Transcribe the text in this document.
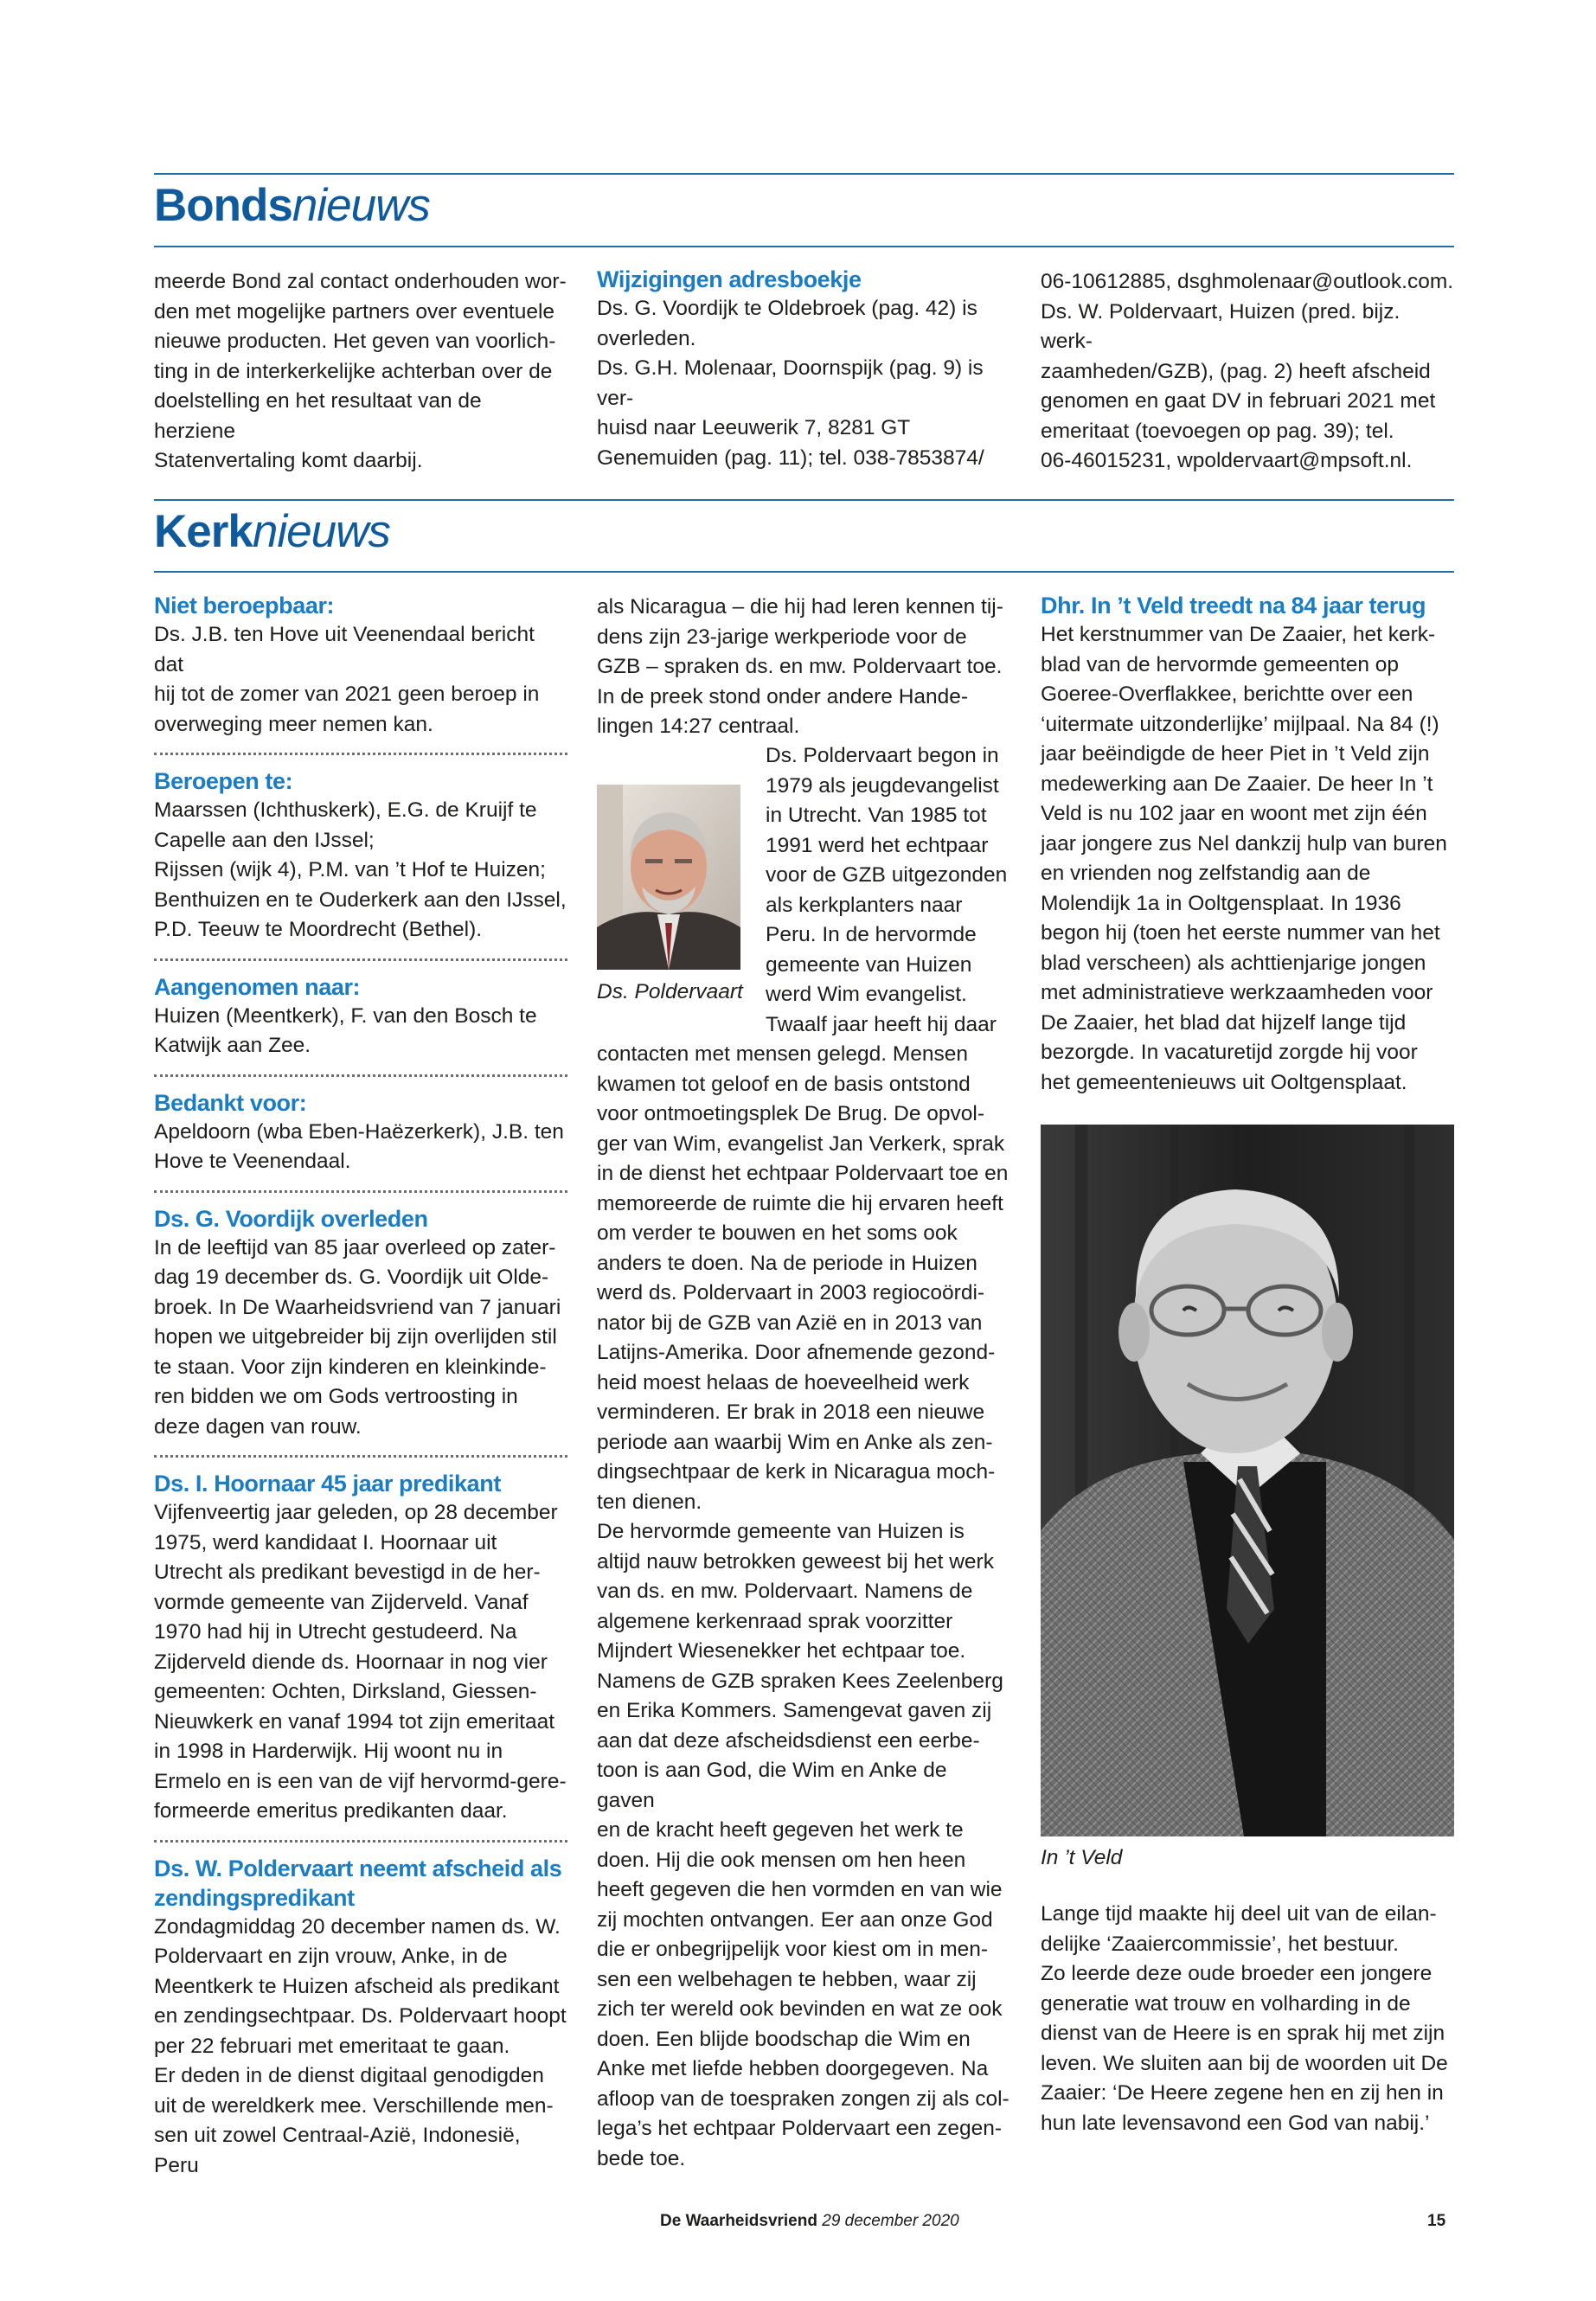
Bondsnieuws

meerde Bond zal contact onderhouden wor-

den met mogelijke partners over eventuele

nieuwe producten. Het geven van voorlich-

ting in de interkerkelijke achterban over de

doelstelling en het resultaat van de herziene

Statenvertaling komt daarbij.

Wijzigingen adresboekje

Ds. G. Voordijk te Oldebroek (pag. 42) is

overleden.

Ds. G.H. Molenaar, Doornspijk (pag. 9) is ver-

huisd naar Leeuwerik 7, 8281 GT

Genemuiden (pag. 11); tel. 038-7853874/

06-10612885, dsghmolenaar@outlook.com.

Ds. W. Poldervaart, Huizen (pred. bijz. werk-

zaamheden/GZB), (pag. 2) heeft afscheid

genomen en gaat DV in februari 2021 met

emeritaat (toevoegen op pag. 39); tel.

06-46015231, wpoldervaart@mpsoft.nl.

Kerknieuws

Niet beroepbaar:

Ds. J.B. ten Hove uit Veenendaal bericht dat

hij tot de zomer van 2021 geen beroep in

overweging meer nemen kan.

Beroepen te:

Maarssen (Ichthuskerk), E.G. de Kruijf te

Capelle aan den IJssel;

Rijssen (wijk 4), P.M. van ’t Hof te Huizen;

Benthuizen en te Ouderkerk aan den IJssel,

P.D. Teeuw te Moordrecht (Bethel).

Aangenomen naar:

Huizen (Meentkerk), F. van den Bosch te

Katwijk aan Zee.

Bedankt voor:

Apeldoorn (wba Eben-Haëzerkerk), J.B. ten

Hove te Veenendaal.

Ds. G. Voordijk overleden

In de leeftijd van 85 jaar overleed op zater-

dag 19 december ds. G. Voordijk uit Olde-

broek. In De Waarheidsvriend van 7 januari

hopen we uitgebreider bij zijn overlijden stil

te staan. Voor zijn kinderen en kleinkinde-

ren bidden we om Gods vertroosting in

deze dagen van rouw.

Ds. I. Hoornaar 45 jaar predikant

Vijfenveertig jaar geleden, op 28 december

1975, werd kandidaat I. Hoornaar uit

Utrecht als predikant bevestigd in de her-

vormde gemeente van Zijderveld. Vanaf

1970 had hij in Utrecht gestudeerd. Na

Zijderveld diende ds. Hoornaar in nog vier

gemeenten: Ochten, Dirksland, Giessen-

Nieuwkerk en vanaf 1994 tot zijn emeritaat

in 1998 in Harderwijk. Hij woont nu in

Ermelo en is een van de vijf hervormd-gere-

formeerde emeritus predikanten daar.

Ds. W. Poldervaart neemt afscheid als

zendingspredikant

Zondagmiddag 20 december namen ds. W.

Poldervaart en zijn vrouw, Anke, in de

Meentkerk te Huizen afscheid als predikant

en zendingsechtpaar. Ds. Poldervaart hoopt

per 22 februari met emeritaat te gaan.

Er deden in de dienst digitaal genodigden

uit de wereldkerk mee. Verschillende men-

sen uit zowel Centraal-Azië, Indonesië, Peru

als Nicaragua – die hij had leren kennen tij-

dens zijn 23-jarige werkperiode voor de

GZB – spraken ds. en mw. Poldervaart toe.

In de preek stond onder andere Hande-

lingen 14:27 centraal.

Ds. Poldervaart

Ds. Poldervaart begon in

1979 als jeugdevangelist

in Utrecht. Van 1985 tot

1991 werd het echtpaar

voor de GZB uitgezonden

als kerkplanters naar

Peru. In de hervormde

gemeente van Huizen

werd Wim evangelist.

Twaalf jaar heeft hij daar

contacten met mensen gelegd. Mensen

kwamen tot geloof en de basis ontstond

voor ontmoetingsplek De Brug. De opvol-

ger van Wim, evangelist Jan Verkerk, sprak

in de dienst het echtpaar Poldervaart toe en

memoreerde de ruimte die hij ervaren heeft

om verder te bouwen en het soms ook

anders te doen. Na de periode in Huizen

werd ds. Poldervaart in 2003 regiocoördi-

nator bij de GZB van Azië en in 2013 van

Latijns-Amerika. Door afnemende gezond-

heid moest helaas de hoeveelheid werk

verminderen. Er brak in 2018 een nieuwe

periode aan waarbij Wim en Anke als zen-

dingsechtpaar de kerk in Nicaragua moch-

ten dienen.

De hervormde gemeente van Huizen is

altijd nauw betrokken geweest bij het werk

van ds. en mw. Poldervaart. Namens de

algemene kerkenraad sprak voorzitter

Mijndert Wiesenekker het echtpaar toe.

Namens de GZB spraken Kees Zeelenberg

en Erika Kommers. Samengevat gaven zij

aan dat deze afscheidsdienst een eerbe-

toon is aan God, die Wim en Anke de gaven

en de kracht heeft gegeven het werk te

doen. Hij die ook mensen om hen heen

heeft gegeven die hen vormden en van wie

zij mochten ontvangen. Eer aan onze God

die er onbegrijpelijk voor kiest om in men-

sen een welbehagen te hebben, waar zij

zich ter wereld ook bevinden en wat ze ook

doen. Een blijde boodschap die Wim en

Anke met liefde hebben doorgegeven. Na

afloop van de toespraken zongen zij als col-

lega’s het echtpaar Poldervaart een zegen-

bede toe.

Dhr. In ’t Veld treedt na 84 jaar terug

Het kerstnummer van De Zaaier, het kerk-

blad van de hervormde gemeenten op

Goeree-Overflakkee, berichtte over een

‘uitermate uitzonderlijke’ mijlpaal. Na 84 (!)

jaar beëindigde de heer Piet in ’t Veld zijn

medewerking aan De Zaaier. De heer In ’t

Veld is nu 102 jaar en woont met zijn één

jaar jongere zus Nel dankzij hulp van buren

en vrienden nog zelfstandig aan de

Molendijk 1a in Ooltgensplaat. In 1936

begon hij (toen het eerste nummer van het

blad verscheen) als achttienjarige jongen

met administratieve werkzaamheden voor

De Zaaier, het blad dat hijzelf lange tijd

bezorgde. In vacaturetijd zorgde hij voor

het gemeentenieuws uit Ooltgensplaat.

In ’t Veld

Lange tijd maakte hij deel uit van de eilan-

delijke ‘Zaaiercommissie’, het bestuur.

Zo leerde deze oude broeder een jongere

generatie wat trouw en volharding in de

dienst van de Heere is en sprak hij met zijn

leven. We sluiten aan bij de woorden uit De

Zaaier: ‘De Heere zegene hen en zij hen in

hun late levensavond een God van nabij.’

De Waarheidsvriend 29 december 2020	15
